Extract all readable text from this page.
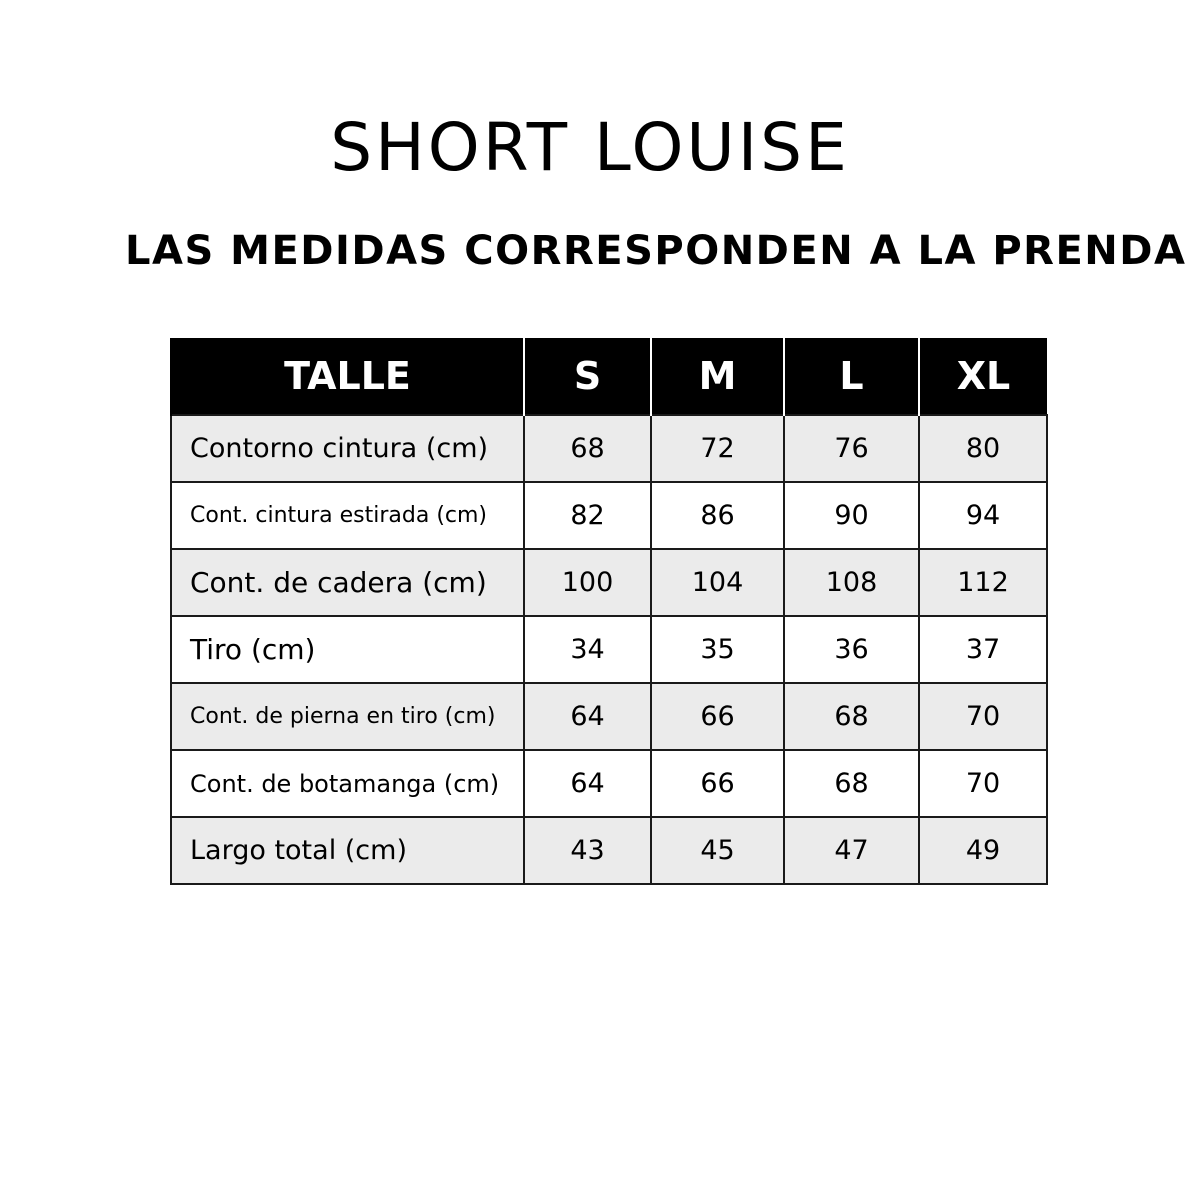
SHORT LOUISE
LAS MEDIDAS CORRESPONDEN A LA PRENDA
TALLE	S	M	L	XL
Contorno cintura (cm)	68	72	76	80
Cont. cintura estirada (cm)	82	86	90	94
Cont. de cadera (cm)	100	104	108	112
Tiro (cm)	34	35	36	37
Cont. de pierna en tiro (cm)	64	66	68	70
Cont. de botamanga (cm)	64	66	68	70
Largo total (cm)	43	45	47	49
